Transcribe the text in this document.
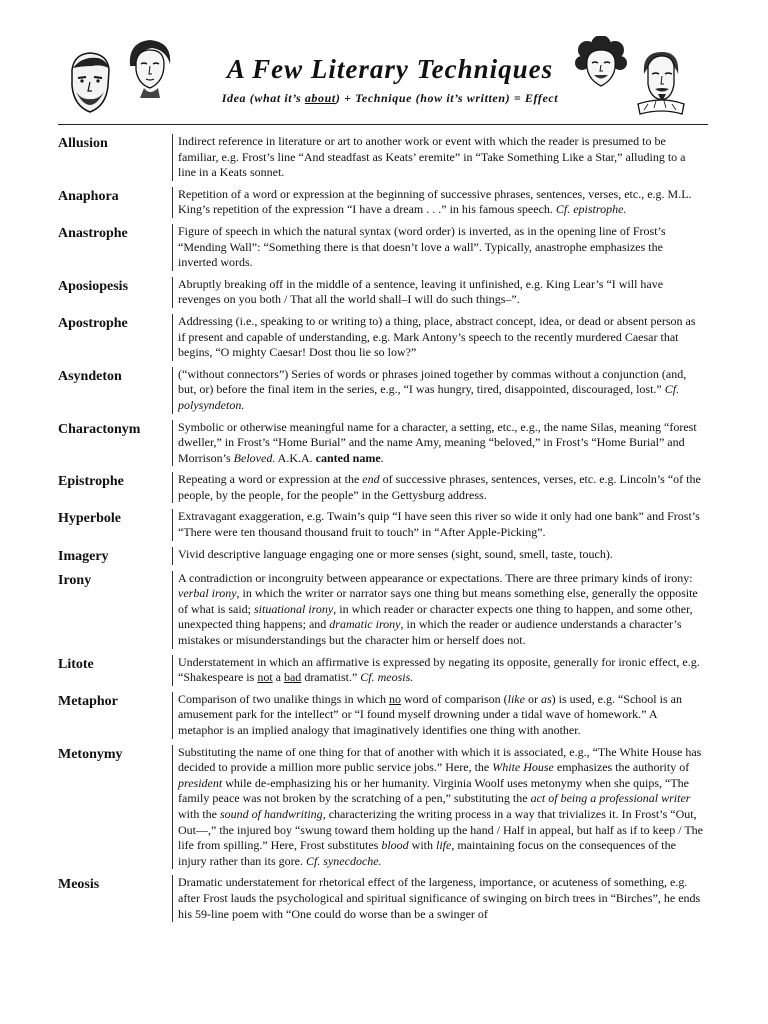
A Few Literary Techniques
Idea (what it’s about) + Technique (how it’s written) = Effect
Allusion	Indirect reference in literature or art to another work or event with which the reader is presumed to be familiar, e.g. Frost’s line “And steadfast as Keats’ eremite” in “Take Something Like a Star,” alluding to a line in a Keats sonnet.
Anaphora	Repetition of a word or expression at the beginning of successive phrases, sentences, verses, etc., e.g. M.L. King’s repetition of the expression “I have a dream . . .” in his famous speech. Cf. epistrophe.
Anastrophe	Figure of speech in which the natural syntax (word order) is inverted, as in the opening line of Frost’s “Mending Wall”: “Something there is that doesn’t love a wall”. Typically, anastrophe emphasizes the inverted words.
Aposiopesis	Abruptly breaking off in the middle of a sentence, leaving it unfinished, e.g. King Lear’s “I will have revenges on you both / That all the world shall–I will do such things–”.
Apostrophe	Addressing (i.e., speaking to or writing to) a thing, place, abstract concept, idea, or dead or absent person as if present and capable of understanding, e.g. Mark Antony’s speech to the recently murdered Caesar that begins, “O mighty Caesar! Dost thou lie so low?”
Asyndeton	(“without connectors”) Series of words or phrases joined together by commas without a conjunction (and, but, or) before the final item in the series, e.g., “I was hungry, tired, disappointed, discouraged, lost.” Cf. polysyndeton.
Charactonym	Symbolic or otherwise meaningful name for a character, a setting, etc., e.g., the name Silas, meaning “forest dweller,” in Frost’s “Home Burial” and the name Amy, meaning “beloved,” in Frost’s “Home Burial” and Morrison’s Beloved. A.K.A. canted name.
Epistrophe	Repeating a word or expression at the end of successive phrases, sentences, verses, etc. e.g. Lincoln’s “of the people, by the people, for the people” in the Gettysburg address.
Hyperbole	Extravagant exaggeration, e.g. Twain’s quip “I have seen this river so wide it only had one bank” and Frost’s “There were ten thousand thousand fruit to touch” in “After Apple-Picking”.
Imagery	Vivid descriptive language engaging one or more senses (sight, sound, smell, taste, touch).
Irony	A contradiction or incongruity between appearance or expectations. There are three primary kinds of irony: verbal irony, in which the writer or narrator says one thing but means something else, generally the opposite of what is said; situational irony, in which reader or character expects one thing to happen, and some other, unexpected thing happens; and dramatic irony, in which the reader or audience understands a character’s mistakes or misunderstandings but the character him or herself does not.
Litote	Understatement in which an affirmative is expressed by negating its opposite, generally for ironic effect, e.g. “Shakespeare is not a bad dramatist.” Cf. meosis.
Metaphor	Comparison of two unalike things in which no word of comparison (like or as) is used, e.g. “School is an amusement park for the intellect” or “I found myself drowning under a tidal wave of homework.” A metaphor is an implied analogy that imaginatively identifies one thing with another.
Metonymy	Substituting the name of one thing for that of another with which it is associated, e.g., “The White House has decided to provide a million more public service jobs.” Here, the White House emphasizes the authority of president while de-emphasizing his or her humanity. Virginia Woolf uses metonymy when she quips, “The family peace was not broken by the scratching of a pen,” substituting the act of being a professional writer with the sound of handwriting, characterizing the writing process in a way that trivializes it. In Frost’s “Out, Out—,” the injured boy “swung toward them holding up the hand / Half in appeal, but half as if to keep / The life from spilling.” Here, Frost substitutes blood with life, maintaining focus on the consequences of the injury rather than its gore. Cf. synecdoche.
Meosis	Dramatic understatement for rhetorical effect of the largeness, importance, or acuteness of something, e.g. after Frost lauds the psychological and spiritual significance of swinging on birch trees in “Birches”, he ends his 59-line poem with “One could do worse than be a swinger of
